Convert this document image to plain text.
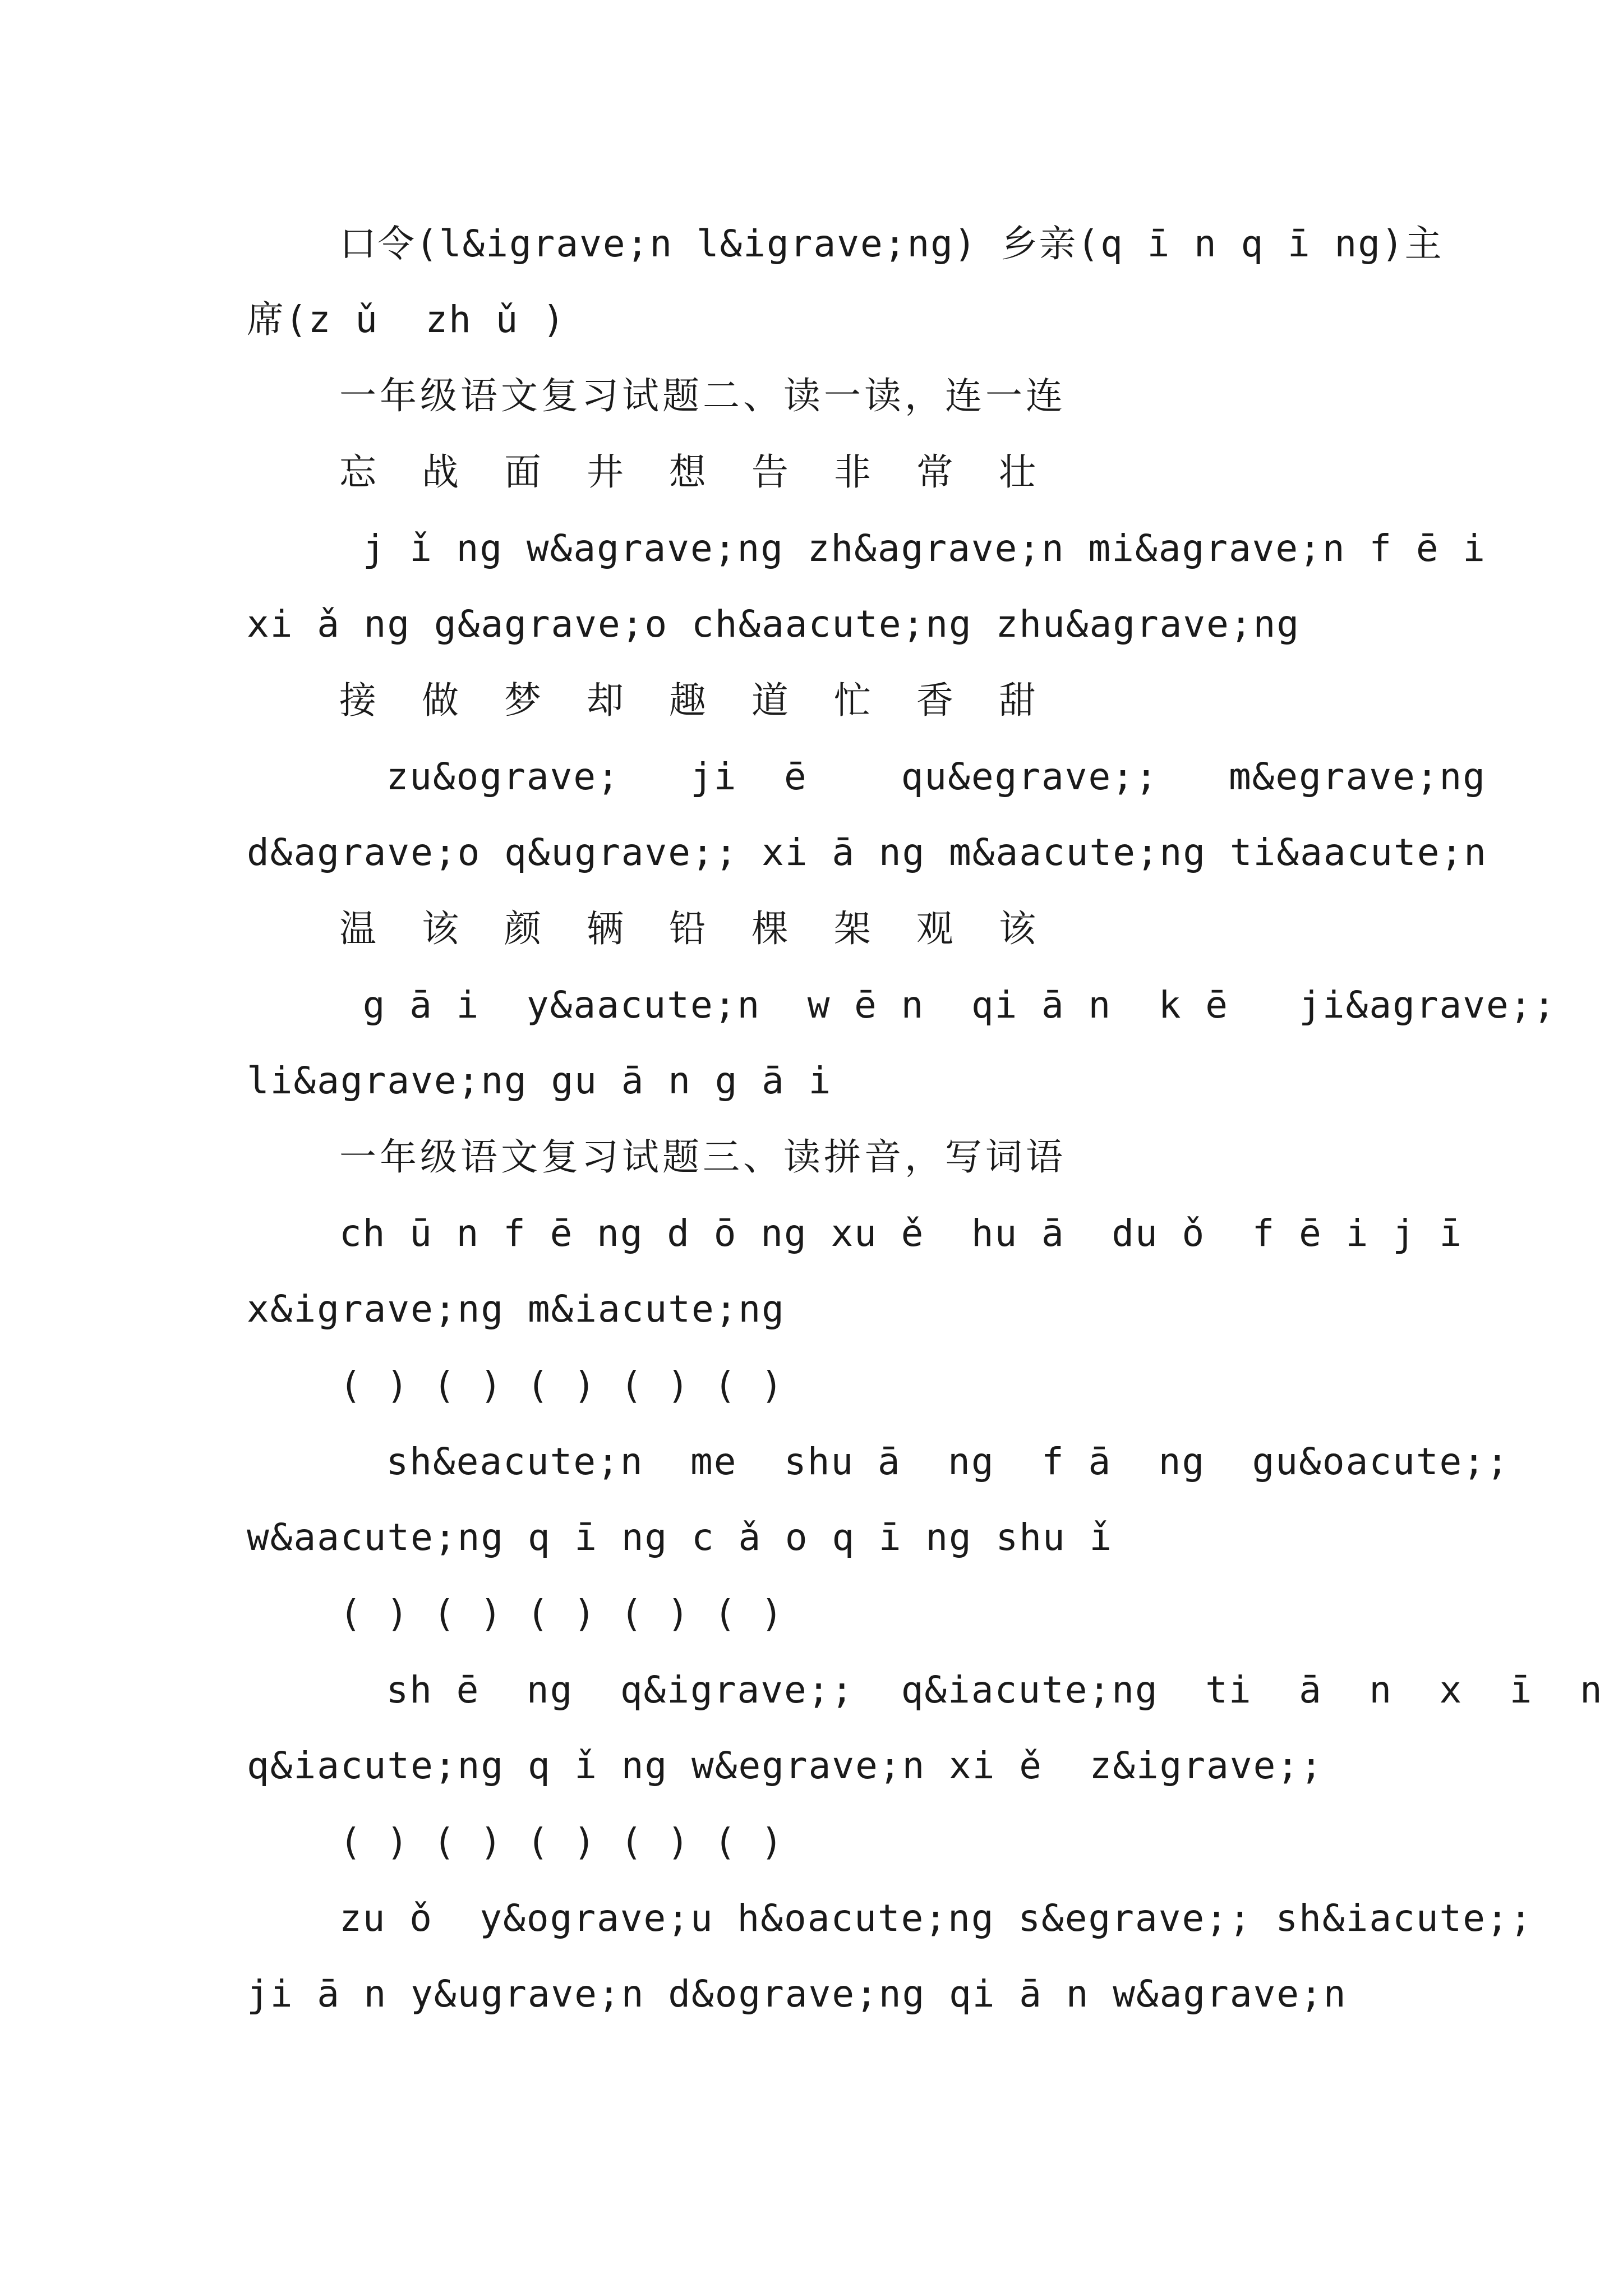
口令(l&igrave;n l&igrave;ng) 乡亲(q ī n q ī ng)主
席(z ǔ  zh ǔ )
一年级语文复习试题二、读一读，连一连
忘 战 面 井 想 告 非 常 壮
j ǐ ng w&agrave;ng zh&agrave;n mi&agrave;n f ē i
xi ǎ ng g&agrave;o ch&aacute;ng zhu&agrave;ng
接 做 梦 却 趣 道 忙 香 甜
zu&ograve;   ji  ē    qu&egrave;;   m&egrave;ng
d&agrave;o q&ugrave;; xi ā ng m&aacute;ng ti&aacute;n
温 该 颜 辆 铅 棵 架 观 该
g ā i  y&aacute;n  w ē n  qi ā n  k ē   ji&agrave;;
li&agrave;ng gu ā n g ā i
一年级语文复习试题三、读拼音，写词语
ch ū n f ē ng d ō ng xu ě  hu ā  du ǒ  f ē i j ī
x&igrave;ng m&iacute;ng
( ) ( ) ( ) ( ) ( )
sh&eacute;n  me  shu ā  ng  f ā  ng  gu&oacute;;
w&aacute;ng q ī ng c ǎ o q ī ng shu ǐ
( ) ( ) ( ) ( ) ( )
sh ē  ng  q&igrave;;  q&iacute;ng  ti  ā  n  x  ī  n
q&iacute;ng q ǐ ng w&egrave;n xi ě  z&igrave;;
( ) ( ) ( ) ( ) ( )
zu ǒ  y&ograve;u h&oacute;ng s&egrave;; sh&iacute;;
ji ā n y&ugrave;n d&ograve;ng qi ā n w&agrave;n
